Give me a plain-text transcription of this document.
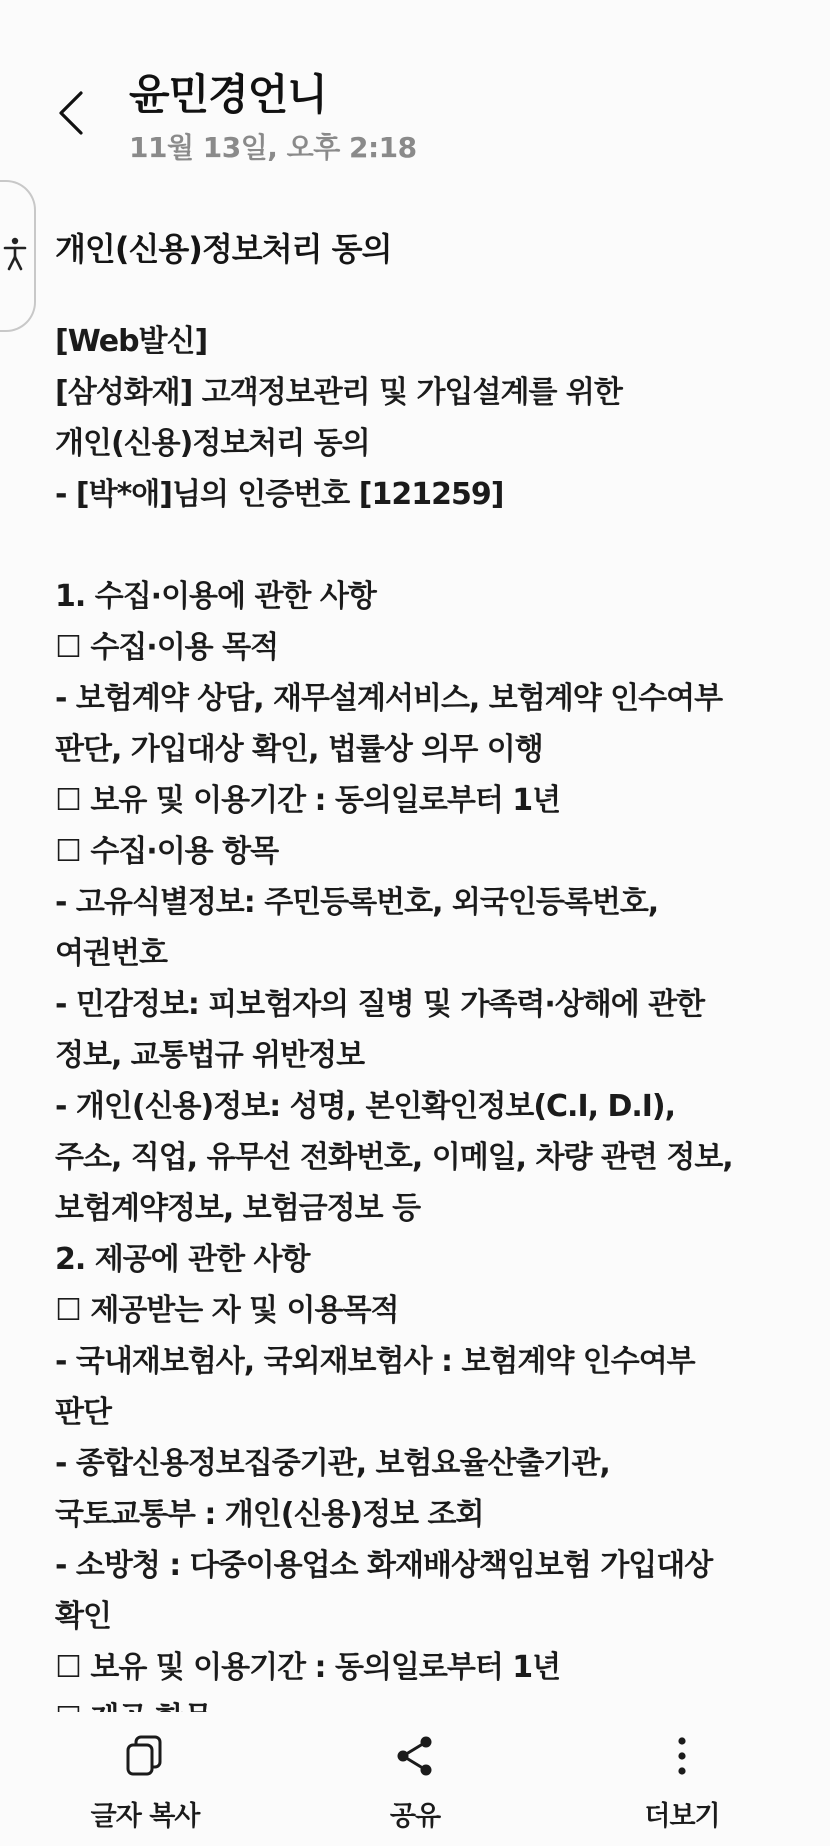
윤민경언니
11월 13일, 오후 2:18
개인(신용)정보처리 동의
[Web발신]
[삼성화재] 고객정보관리 및 가입설계를 위한
개인(신용)정보처리 동의
- [박*애]님의 인증번호 [121259]
1. 수집·이용에 관한 사항
☐ 수집·이용 목적
- 보험계약 상담, 재무설계서비스, 보험계약 인수여부
판단, 가입대상 확인, 법률상 의무 이행
☐ 보유 및 이용기간 : 동의일로부터 1년
☐ 수집·이용 항목
- 고유식별정보: 주민등록번호, 외국인등록번호,
여권번호
- 민감정보: 피보험자의 질병 및 가족력·상해에 관한
정보, 교통법규 위반정보
- 개인(신용)정보: 성명, 본인확인정보(C.I, D.I),
주소, 직업, 유무선 전화번호, 이메일, 차량 관련 정보,
보험계약정보, 보험금정보 등
2. 제공에 관한 사항
☐ 제공받는 자 및 이용목적
- 국내재보험사, 국외재보험사 : 보험계약 인수여부
판단
- 종합신용정보집중기관, 보험요율산출기관,
국토교통부 : 개인(신용)정보 조회
- 소방청 : 다중이용업소 화재배상책임보험 가입대상
확인
☐ 보유 및 이용기간 : 동의일로부터 1년
글자 복사	공유	더보기
